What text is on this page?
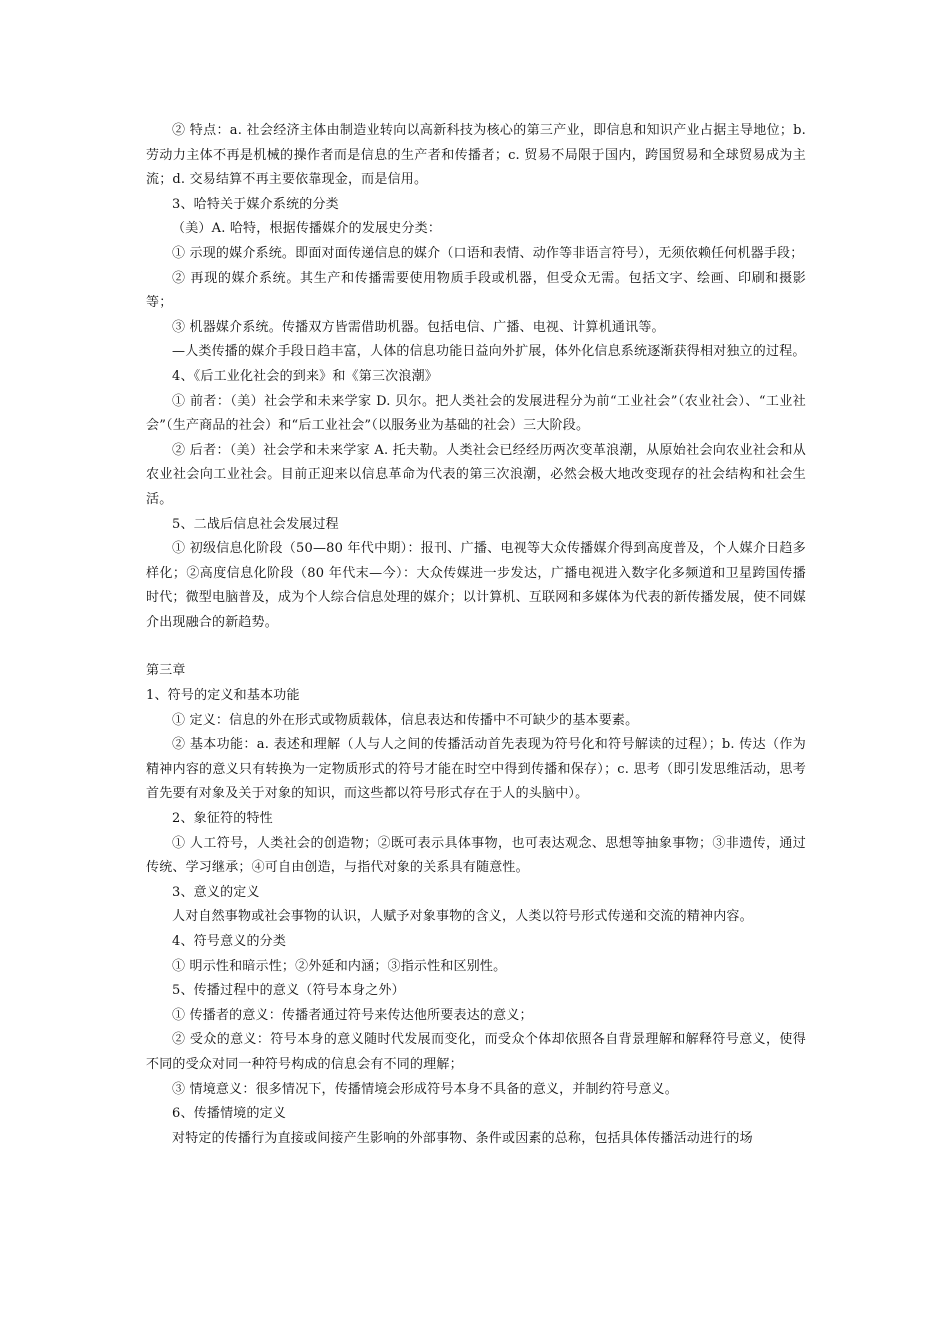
② 特点：a. 社会经济主体由制造业转向以高新科技为核心的第三产业，即信息和知识产业占据主导地位；b. 劳动力主体不再是机械的操作者而是信息的生产者和传播者；c. 贸易不局限于国内，跨国贸易和全球贸易成为主流；d. 交易结算不再主要依靠现金，而是信用。

3、哈特关于媒介系统的分类

（美）A. 哈特，根据传播媒介的发展史分类：

① 示现的媒介系统。即面对面传递信息的媒介（口语和表情、动作等非语言符号），无须依赖任何机器手段；

② 再现的媒介系统。其生产和传播需要使用物质手段或机器，但受众无需。包括文字、绘画、印刷和摄影等；

③ 机器媒介系统。传播双方皆需借助机器。包括电信、广播、电视、计算机通讯等。

—人类传播的媒介手段日趋丰富，人体的信息功能日益向外扩展，体外化信息系统逐渐获得相对独立的过程。

4、《后工业化社会的到来》和《第三次浪潮》

① 前者：（美）社会学和未来学家 D. 贝尔。把人类社会的发展进程分为前“工业社会”（农业社会）、“工业社会”（生产商品的社会）和“后工业社会”（以服务业为基础的社会）三大阶段。

② 后者：（美）社会学和未来学家 A. 托夫勒。人类社会已经经历两次变革浪潮，从原始社会向农业社会和从农业社会向工业社会。目前正迎来以信息革命为代表的第三次浪潮，必然会极大地改变现存的社会结构和社会生活。

5、二战后信息社会发展过程

① 初级信息化阶段（50—80 年代中期）：报刊、广播、电视等大众传播媒介得到高度普及，个人媒介日趋多样化；②高度信息化阶段（80 年代末—今）：大众传媒进一步发达，广播电视进入数字化多频道和卫星跨国传播时代；微型电脑普及，成为个人综合信息处理的媒介；以计算机、互联网和多媒体为代表的新传播发展，使不同媒介出现融合的新趋势。

第三章

1、符号的定义和基本功能

① 定义：信息的外在形式或物质载体，信息表达和传播中不可缺少的基本要素。

② 基本功能：a. 表述和理解（人与人之间的传播活动首先表现为符号化和符号解读的过程）；b. 传达（作为精神内容的意义只有转换为一定物质形式的符号才能在时空中得到传播和保存）；c. 思考（即引发思维活动，思考首先要有对象及关于对象的知识，而这些都以符号形式存在于人的头脑中）。

2、象征符的特性

① 人工符号，人类社会的创造物；②既可表示具体事物，也可表达观念、思想等抽象事物；③非遗传，通过传统、学习继承；④可自由创造，与指代对象的关系具有随意性。

3、意义的定义

人对自然事物或社会事物的认识，人赋予对象事物的含义，人类以符号形式传递和交流的精神内容。

4、符号意义的分类

① 明示性和暗示性；②外延和内涵；③指示性和区别性。

5、传播过程中的意义（符号本身之外）

① 传播者的意义：传播者通过符号来传达他所要表达的意义；

② 受众的意义：符号本身的意义随时代发展而变化，而受众个体却依照各自背景理解和解释符号意义，使得不同的受众对同一种符号构成的信息会有不同的理解；

③ 情境意义：很多情况下，传播情境会形成符号本身不具备的意义，并制约符号意义。

6、传播情境的定义

对特定的传播行为直接或间接产生影响的外部事物、条件或因素的总称，包括具体传播活动进行的场
